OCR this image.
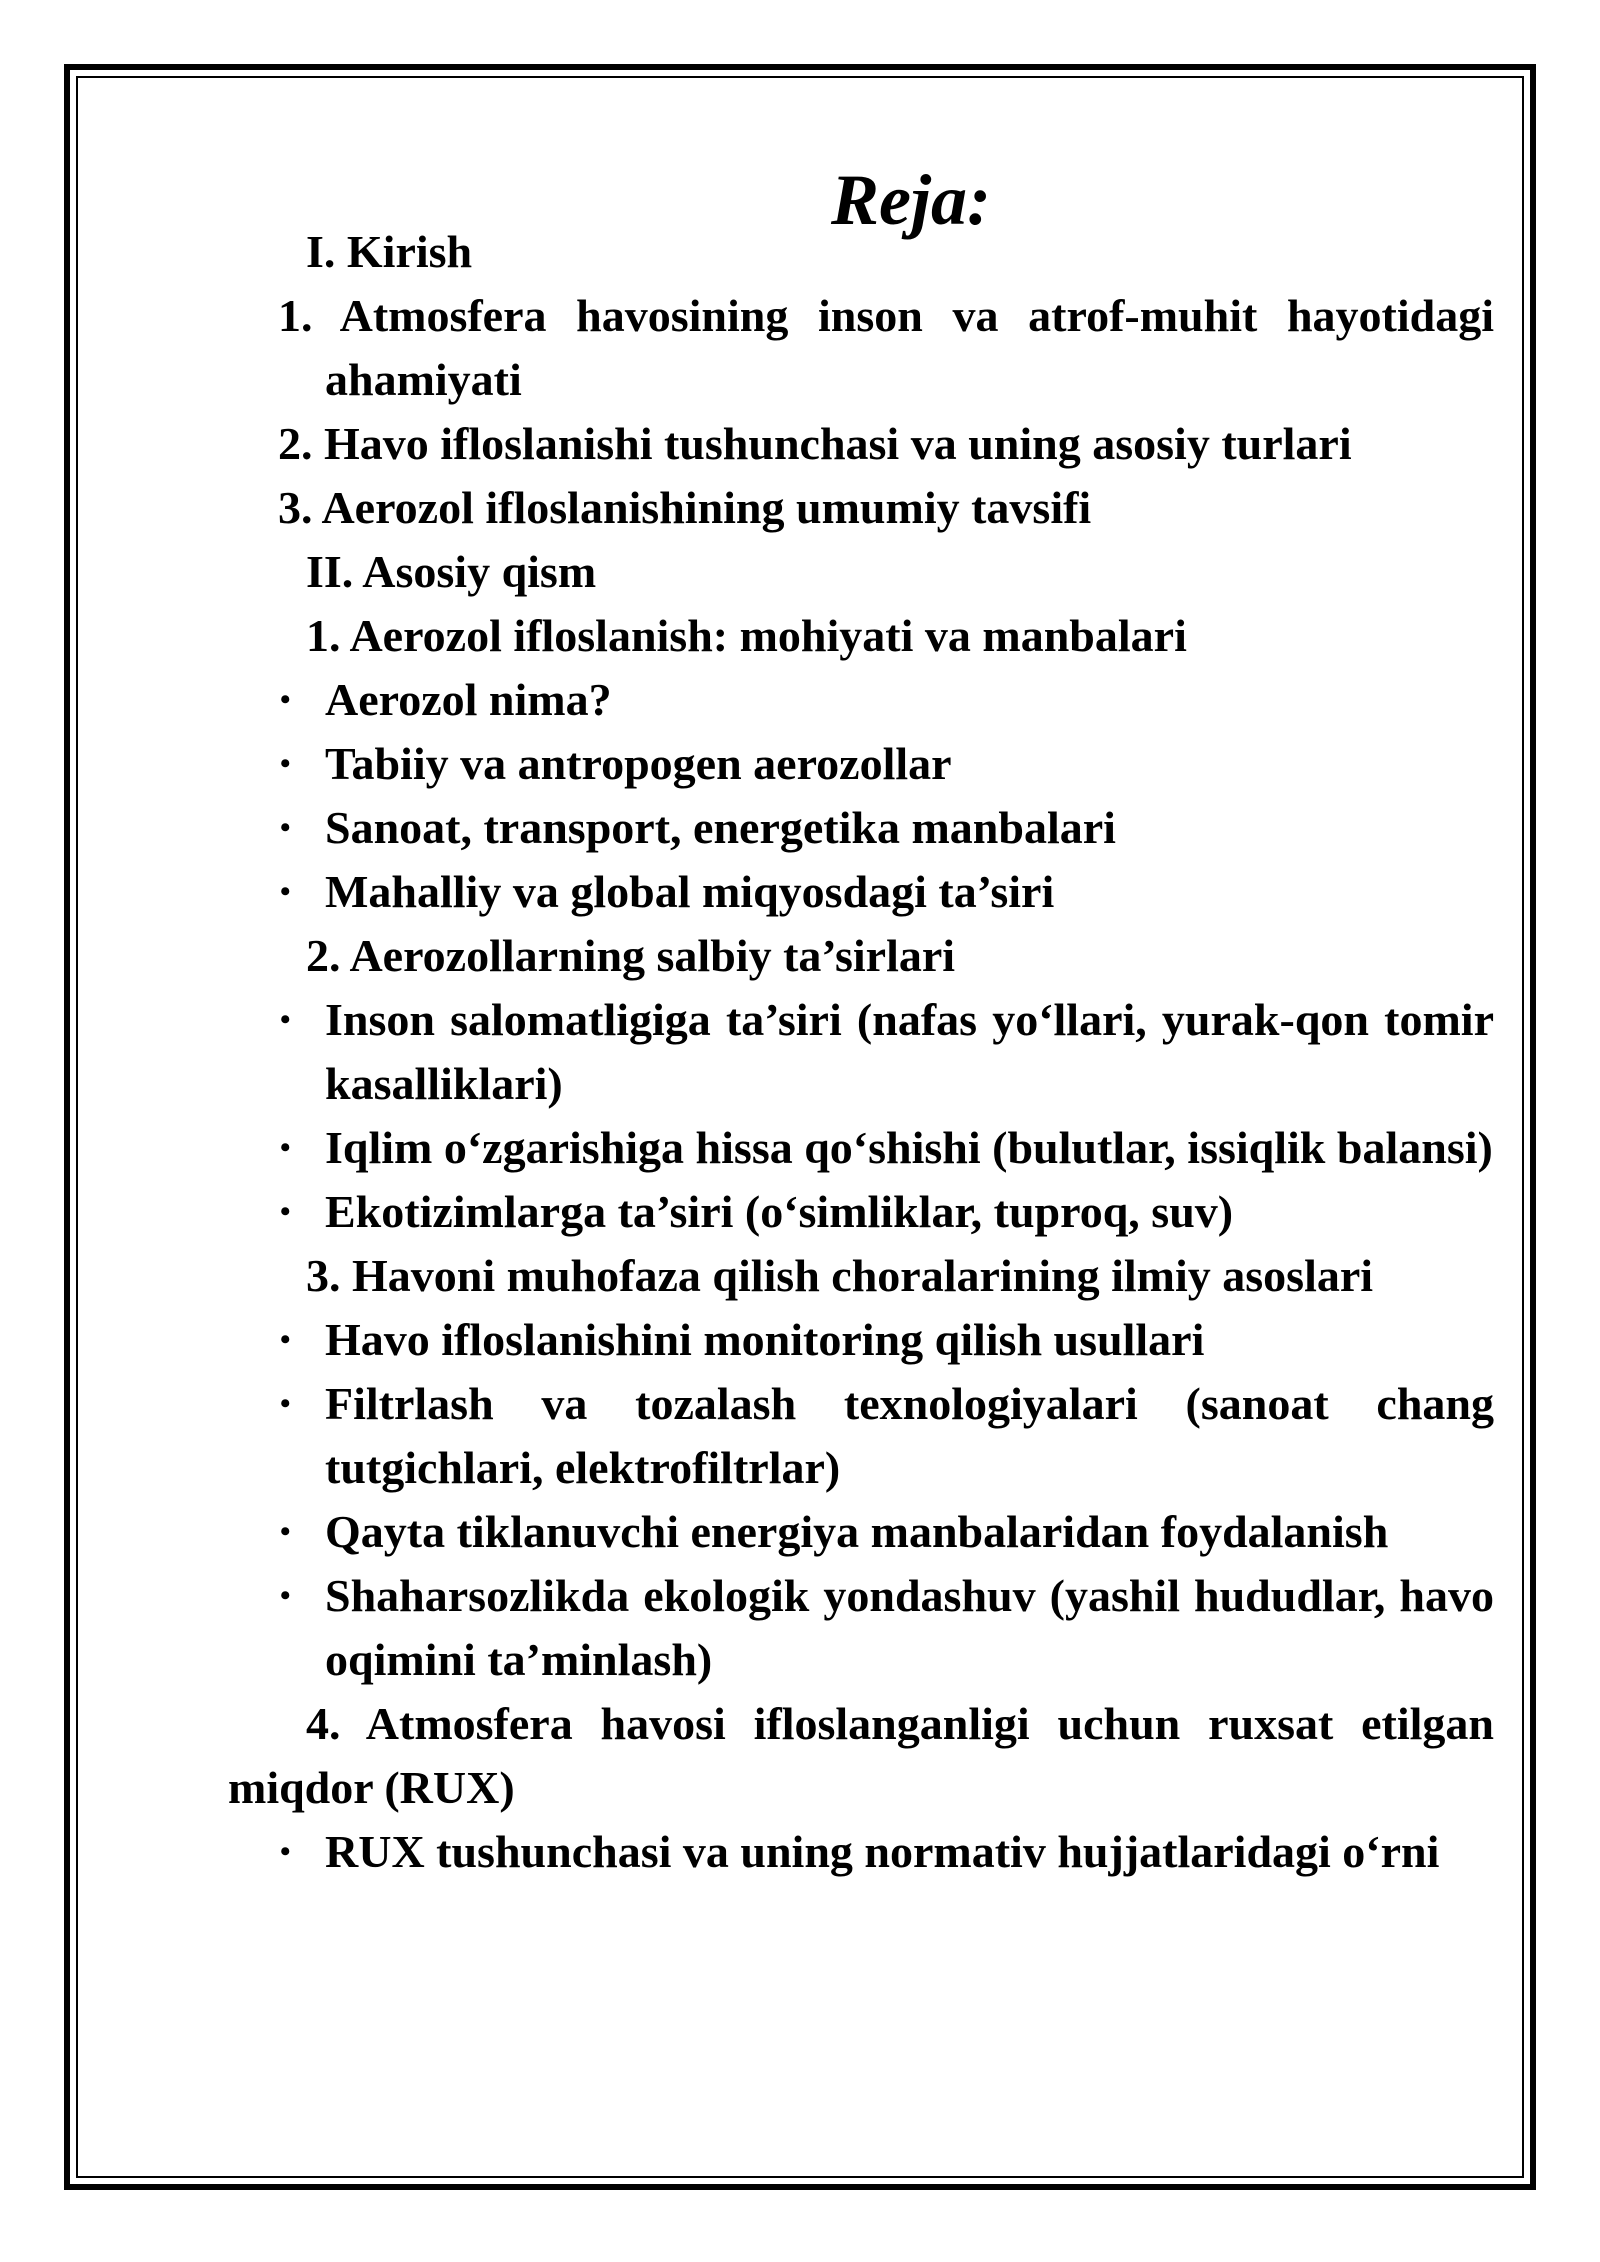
Reja:
I. Kirish
1. Atmosfera havosining inson va atrof-muhit hayotidagi ahamiyati
2. Havo ifloslanishi tushunchasi va uning asosiy turlari
3. Aerozol ifloslanishining umumiy tavsifi
II. Asosiy qism
1. Aerozol ifloslanish: mohiyati va manbalari
• Aerozol nima?
• Tabiiy va antropogen aerozollar
• Sanoat, transport, energetika manbalari
• Mahalliy va global miqyosdagi ta’siri
2. Aerozollarning salbiy ta’sirlari
• Inson salomatligiga ta’siri (nafas yo‘llari, yurak-qon tomir kasalliklari)
• Iqlim o‘zgarishiga hissa qo‘shishi (bulutlar, issiqlik balansi)
• Ekotizimlarga ta’siri (o‘simliklar, tuproq, suv)
3. Havoni muhofaza qilish choralarining ilmiy asoslari
• Havo ifloslanishini monitoring qilish usullari
• Filtrlash va tozalash texnologiyalari (sanoat chang tutgichlari, elektrofiltrlar)
• Qayta tiklanuvchi energiya manbalaridan foydalanish
• Shaharsozlikda ekologik yondashuv (yashil hududlar, havo oqimini ta’minlash)
4. Atmosfera havosi ifloslanganligi uchun ruxsat etilgan miqdor (RUX)
• RUX tushunchasi va uning normativ hujjatlaridagi o‘rni
